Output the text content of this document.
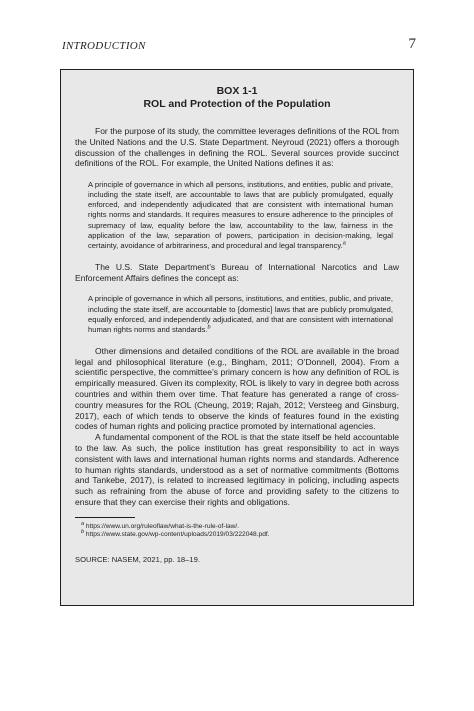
INTRODUCTION	7

BOX 1-1

ROL and Protection of the Population

For the purpose of its study, the committee leverages definitions of the ROL from the United Nations and the U.S. State Department. Neyroud (2021) offers a thorough discussion of the challenges in defining the ROL. Several sources provide succinct definitions of the ROL. For example, the United Nations defines it as:

A principle of governance in which all persons, institutions, and entities, public and private, including the state itself, are accountable to laws that are publicly promulgated, equally enforced, and independently adjudicated that are consistent with international human rights norms and standards. It requires measures to ensure adherence to the principles of supremacy of law, equality before the law, accountability to the law, fairness in the application of the law, separation of powers, participation in decision-making, legal certainty, avoidance of arbitrariness, and procedural and legal transparency.$^a$

The U.S. State Department’s Bureau of International Narcotics and Law Enforcement Affairs defines the concept as:

A principle of governance in which all persons, institutions, and entities, public, and private, including the state itself, are accountable to [domestic] laws that are publicly promulgated, equally enforced, and independently adjudicated, and that are consistent with international human rights norms and standards.$^b$

Other dimensions and detailed conditions of the ROL are available in the broad legal and philosophical literature (e.g., Bingham, 2011; O’Donnell, 2004). From a scientific perspective, the committee’s primary concern is how any definition of ROL is empirically measured. Given its complexity, ROL is likely to vary in degree both across countries and within them over time. That feature has generated a range of cross-country measures for the ROL (Cheung, 2019; Rajah, 2012; Versteeg and Ginsburg, 2017), each of which tends to observe the kinds of features found in the existing codes of human rights and policing practice promoted by international agencies.

A fundamental component of the ROL is that the state itself be held accountable to the law. As such, the police institution has great responsibility to act in ways consistent with laws and international human rights norms and standards. Adherence to human rights standards, understood as a set of normative commitments (Bottoms and Tankebe, 2017), is related to increased legitimacy in policing, including aspects such as refraining from the abuse of force and providing safety to the citizens to ensure that they can exercise their rights and obligations.

$^a$ https://www.un.org/ruleoflaw/what-is-the-rule-of-law/.

$^b$ https://www.state.gov/wp-content/uploads/2019/03/222048.pdf.

SOURCE: NASEM, 2021, pp. 18–19.
